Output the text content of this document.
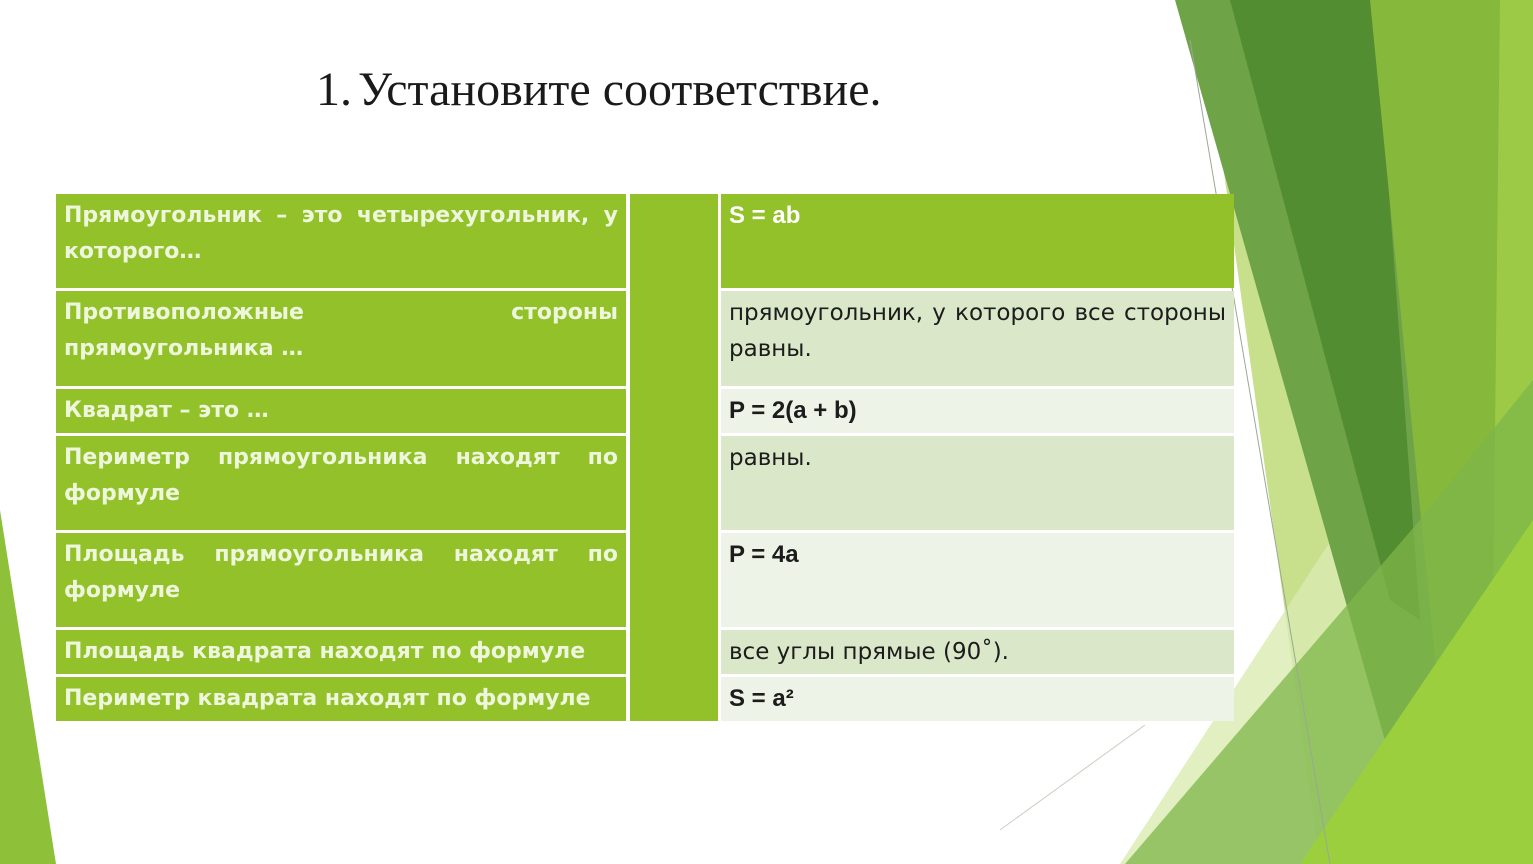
1. Установите соответствие.
Прямоугольник – это четырехугольник, у которого…
Противоположные стороны прямоугольника …
Квадрат – это …
Периметр прямоугольника находят по формуле
Площадь прямоугольника находят по формуле
Площадь квадрата находят по формуле
Периметр квадрата находят по формуле
S = ab
прямоугольник, у которого все стороны равны.
P = 2(a + b)
равны.
P = 4a
все углы прямые (90˚).
S = a²
